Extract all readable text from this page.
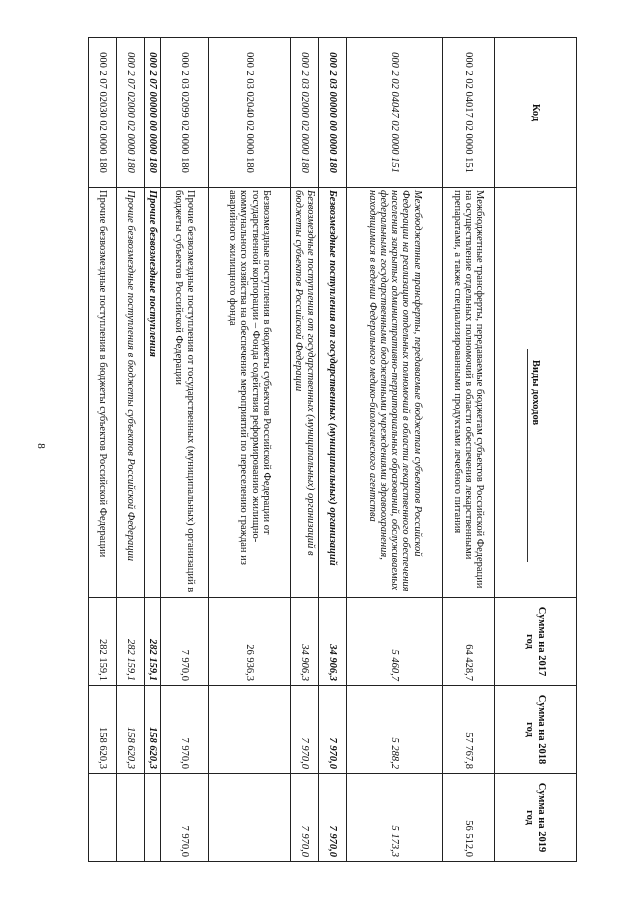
8
Код	Виды доходов	Сумма на 2017 год	Сумма на 2018 год	Сумма на 2019 год
000 2 02 04017 02 0000 151	Межбюджетные трансферты, передаваемые бюджетам субъектов Российской Федерации на осуществление отдельных полномочий в области обеспечения лекарственными препаратами, а также специализированными продуктами лечебного питания	64 428,7	57 767,8	56 512,0
000 2 02 04047 02 0000 151	Межбюджетные трансферты, передаваемые бюджетам субъектов Российской Федерации на реализацию отдельных полномочий в области лекарственного обеспечения населения закрытых административно-территориальных образований, обслуживаемых федеральными государственными бюджетными учреждениями здравоохранения, находящимися в ведении Федерального медико-биологического агентства	5 460,7	5 288,2	5 173,3
000 2 03 00000 00 0000 180	Безвозмездные поступления от государственных (муниципальных) организаций	34 906,3	7 970,0	7 970,0
000 2 03 02000 02 0000 180	Безвозмездные поступления от государственных (муниципальных) организаций в бюджеты субъектов Российской Федерации	34 906,3	7 970,0	7 970,0
000 2 03 02040 02 0000 180	Безвозмездные поступления в бюджеты субъектов Российской Федерации от государственной корпорации – Фонда содействия реформированию жилищно-коммунального хозяйства на обеспечение мероприятий по переселению граждан из аварийного жилищного фонда	26 936,3		
000 2 03 02099 02 0000 180	Прочие безвозмездные поступления от государственных (муниципальных) организаций в бюджеты субъектов Российской Федерации	7 970,0	7 970,0	7 970,0
000 2 07 00000 00 0000 180	Прочие безвозмездные поступления	282 159,1	158 620,3	
000 2 07 02000 02 0000 180	Прочие безвозмездные поступления в бюджеты субъектов Российской Федерации	282 159,1	158 620,3	
000 2 07 02030 02 0000 180	Прочие безвозмездные поступления в бюджеты субъектов Российской Федерации	282 159,1	158 620,3	
